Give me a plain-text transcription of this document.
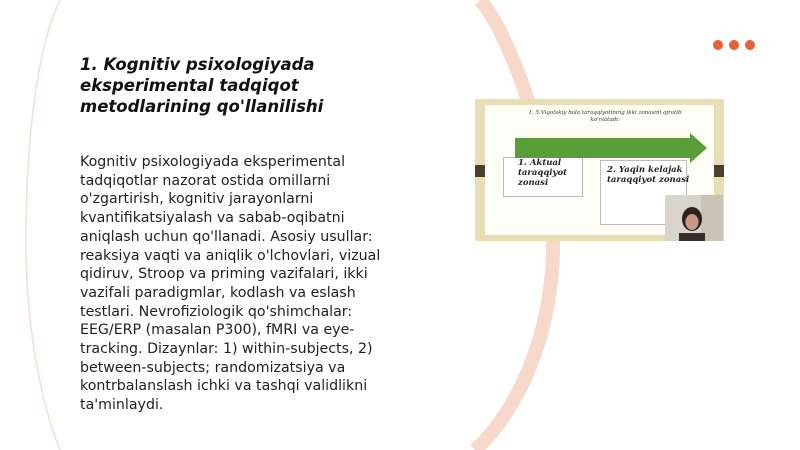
1. Kognitiv psixologiyada eksperimental tadqiqot metodlarining qo'llanilishi
Kognitiv psixologiyada eksperimental tadqiqotlar nazorat ostida omillarni o'zgartirish, kognitiv jarayonlarni kvantifikatsiyalash va sabab-oqibatni aniqlash uchun qo'llanadi. Asosiy usullar: reaksiya vaqti va aniqlik o'lchovlari, vizual qidiruv, Stroop va priming vazifalari, ikki vazifali paradigmlar, kodlash va eslash testlari. Nevrofiziologik qo'shimchalar: EEG/ERP (masalan P300), fMRI va eye-tracking. Dizaynlar: 1) within-subjects, 2) between-subjects; randomizatsiya va kontrbalanslash ichki va tashqi validlikni ta'minlaydi.
1. 5.Vigotskiy bola taraqqiyotining ikki zonasini ajratib ko'rsatadi:
1. Aktual taraqqiyot zonasi
2. Yaqin kelajak taraqqiyot zonasi
